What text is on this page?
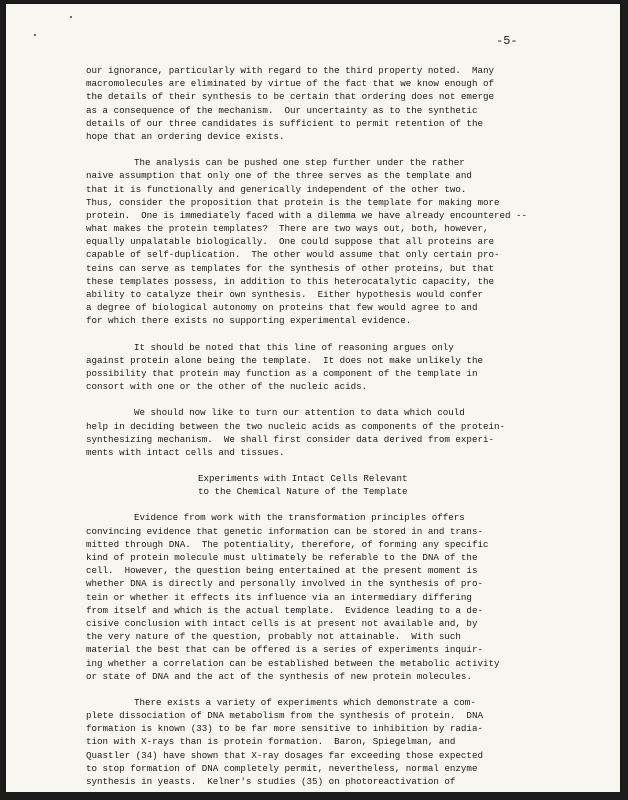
-5-
our ignorance, particularly with regard to the third property noted.  Many
macromolecules are eliminated by virtue of the fact that we know enough of
the details of their synthesis to be certain that ordering does not emerge
as a consequence of the mechanism.  Our uncertainty as to the synthetic
details of our three candidates is sufficient to permit retention of the
hope that an ordering device exists.
The analysis can be pushed one step further under the rather
naive assumption that only one of the three serves as the template and
that it is functionally and generically independent of the other two.
Thus, consider the proposition that protein is the template for making more
protein.  One is immediately faced with a dilemma we have already encountered --
what makes the protein templates?  There are two ways out, both, however,
equally unpalatable biologically.  One could suppose that all proteins are
capable of self-duplication.  The other would assume that only certain pro-
teins can serve as templates for the synthesis of other proteins, but that
these templates possess, in addition to this heterocatalytic capacity, the
ability to catalyze their own synthesis.  Either hypothesis would confer
a degree of biological autonomy on proteins that few would agree to and
for which there exists no supporting experimental evidence.
It should be noted that this line of reasoning argues only
against protein alone being the template.  It does not make unlikely the
possibility that protein may function as a component of the template in
consort with one or the other of the nucleic acids.
We should now like to turn our attention to data which could
help in deciding between the two nucleic acids as components of the protein-
synthesizing mechanism.  We shall first consider data derived from experi-
ments with intact cells and tissues.
Experiments with Intact Cells Relevant
to the Chemical Nature of the Template
Evidence from work with the transformation principles offers
convincing evidence that genetic information can be stored in and trans-
mitted through DNA.  The potentiality, therefore, of forming any specific
kind of protein molecule must ultimately be referable to the DNA of the
cell.  However, the question being entertained at the present moment is
whether DNA is directly and personally involved in the synthesis of pro-
tein or whether it effects its influence via an intermediary differing
from itself and which is the actual template.  Evidence leading to a de-
cisive conclusion with intact cells is at present not available and, by
the very nature of the question, probably not attainable.  With such
material the best that can be offered is a series of experiments inquir-
ing whether a correlation can be established between the metabolic activity
or state of DNA and the act of the synthesis of new protein molecules.
There exists a variety of experiments which demonstrate a com-
plete dissociation of DNA metabolism from the synthesis of protein.  DNA
formation is known (33) to be far more sensitive to inhibition by radia-
tion with X-rays than is protein formation.  Baron, Spiegelman, and
Quastler (34) have shown that X-ray dosages far exceeding those expected
to stop formation of DNA completely permit, nevertheless, normal enzyme
synthesis in yeasts.  Kelner's studies (35) on photoreactivation of
